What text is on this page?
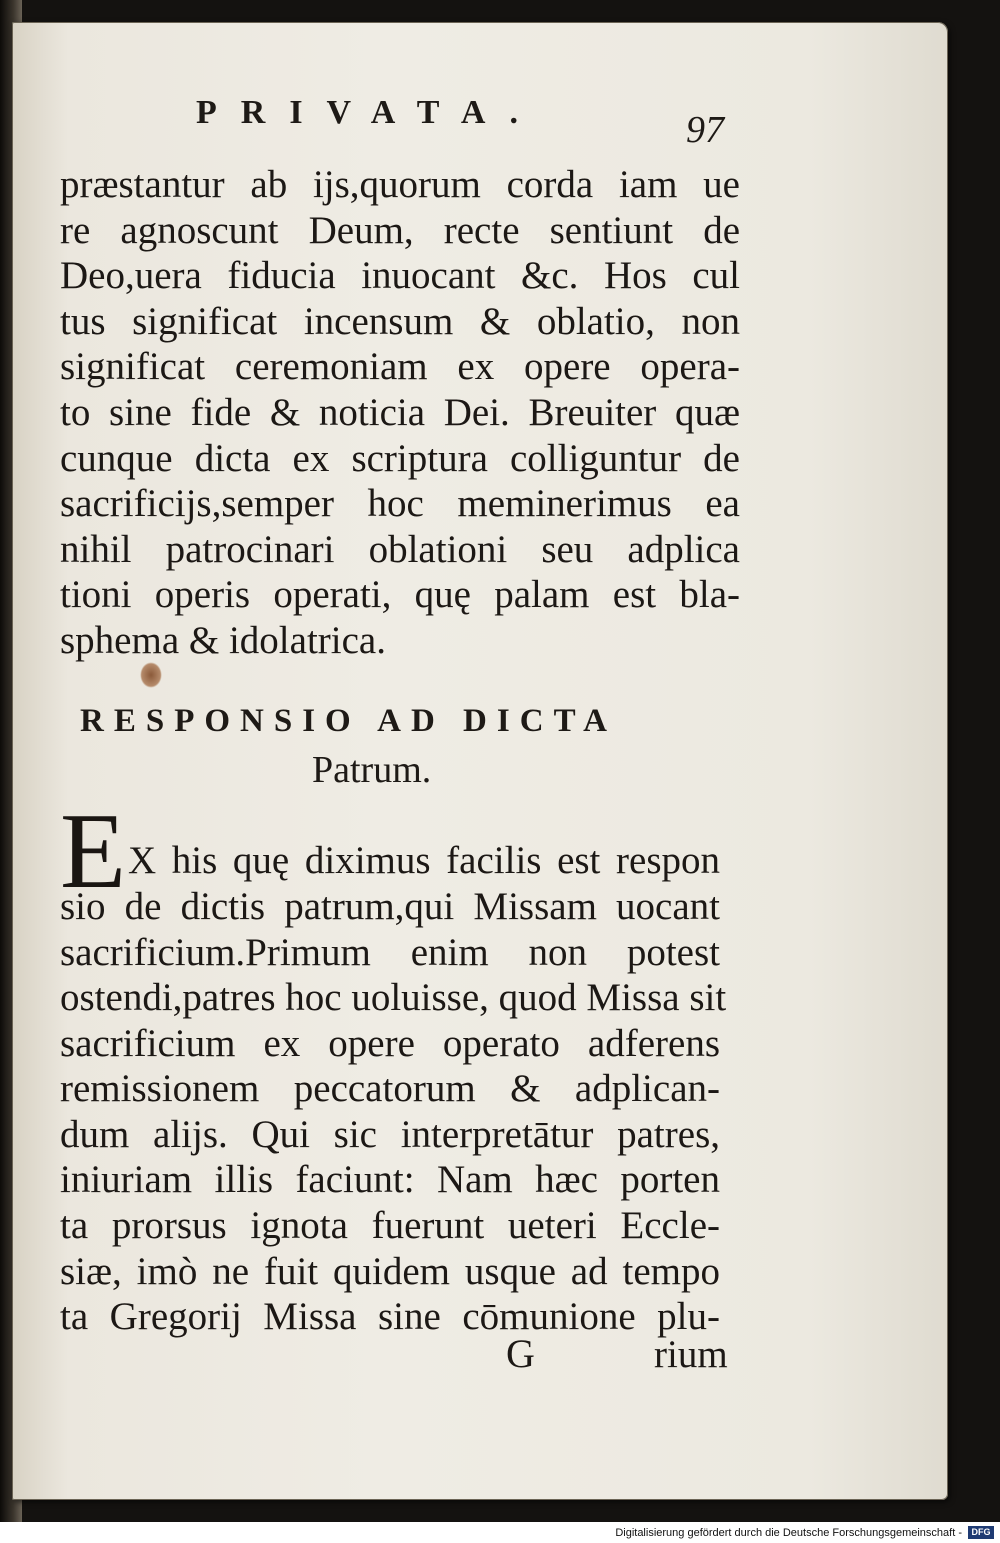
PRIVATA.	97
præstantur ab ijs,quorum corda iam ue
re agnoscunt Deum, recte sentiunt de
Deo,uera fiducia inuocant &c. Hos cul
tus significat incensum & oblatio, non
significat ceremoniam ex opere opera-
to sine fide & noticia Dei. Breuiter quæ
cunque dicta ex scriptura colliguntur de
sacrificijs,semper hoc meminerimus ea
nihil patrocinari oblationi seu adplica
tioni operis operati, quę palam est bla-
sphema & idolatrica.
RESPONSIO AD DICTA
Patrum.
E X his quę diximus facilis est respon
sio de dictis patrum,qui Missam uocant
sacrificium.Primum enim non potest
ostendi,patres hoc uoluisse, quod Missa sit
sacrificium ex opere operato adferens
remissionem peccatorum & adplican-
dum alijs. Qui sic interpretātur patres,
iniuriam illis faciunt: Nam hæc porten
ta prorsus ignota fuerunt ueteri Eccle-
siæ, imò ne fuit quidem usque ad tempo
ta Gregorij Missa sine cōmunione plu-
G	rium
Digitalisierung gefördert durch die Deutsche Forschungsgemeinschaft -	DFG
